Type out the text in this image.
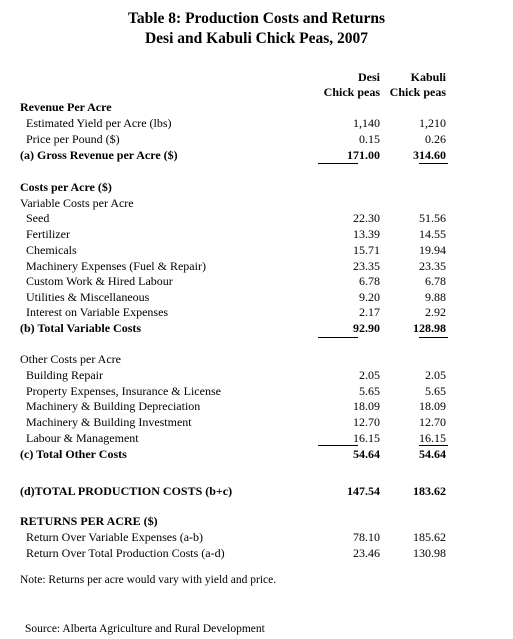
Table 8: Production Costs and Returns
Desi and Kabuli Chick Peas, 2007
Desi
Chick peas
Kabuli
Chick peas
Revenue Per Acre
Estimated Yield per Acre (lbs)	1,140	1,210
Price per Pound ($)	0.15	0.26
(a) Gross Revenue per Acre ($)	171.00	314.60
Costs per Acre ($)
Variable Costs per Acre
Seed	22.30	51.56
Fertilizer	13.39	14.55
Chemicals	15.71	19.94
Machinery Expenses (Fuel & Repair)	23.35	23.35
Custom Work & Hired Labour	6.78	6.78
Utilities & Miscellaneous	9.20	9.88
Interest on Variable Expenses	2.17	2.92
(b) Total Variable Costs	92.90	128.98
Other Costs per Acre
Building Repair	2.05	2.05
Property Expenses, Insurance & License	5.65	5.65
Machinery & Building Depreciation	18.09	18.09
Machinery & Building Investment	12.70	12.70
Labour & Management	16.15	16.15
(c) Total Other Costs	54.64	54.64
(d)TOTAL PRODUCTION COSTS (b+c)	147.54	183.62
RETURNS PER ACRE ($)
Return Over Variable Expenses (a-b)	78.10	185.62
Return Over Total Production Costs (a-d)	23.46	130.98
Note: Returns per acre would vary with yield and price.
Source: Alberta Agriculture and Rural Development
